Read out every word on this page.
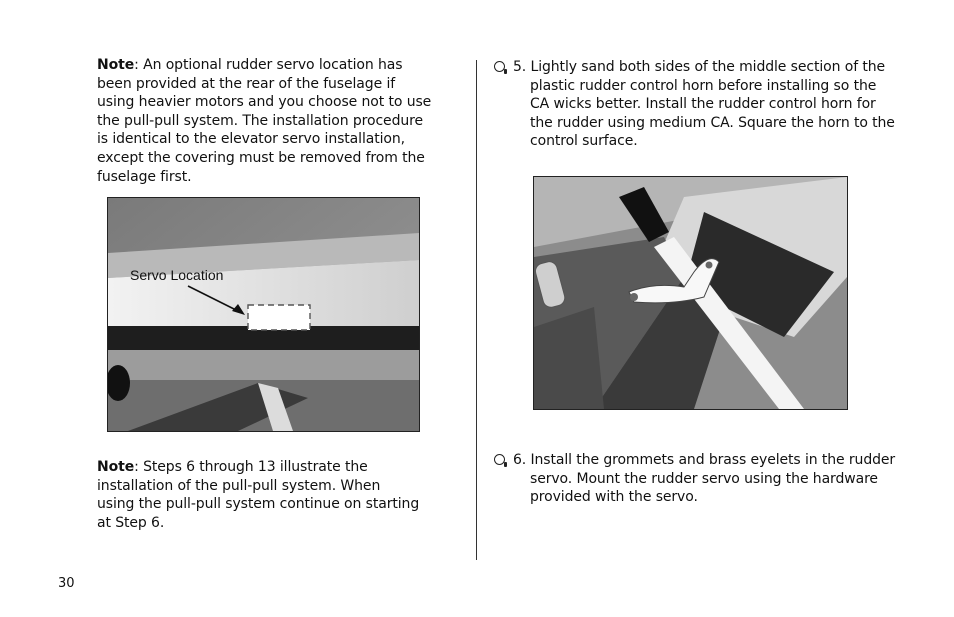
Note: An optional rudder servo location has
been provided at the rear of the fuselage if
using heavier motors and you choose not to use
the pull-pull system. The installation procedure
is identical to the elevator servo installation,
except the covering must be removed from the
fuselage first.
Servo Location
Note: Steps 6 through 13 illustrate the
installation of the pull-pull system. When
using the pull-pull system continue on starting
at Step 6.
5. Lightly sand both sides of the middle section of the
plastic rudder control horn before installing so the
CA wicks better. Install the rudder control horn for
the rudder using medium CA. Square the horn to the
control surface.
6. Install the grommets and brass eyelets in the rudder
servo. Mount the rudder servo using the hardware
provided with the servo.
30
